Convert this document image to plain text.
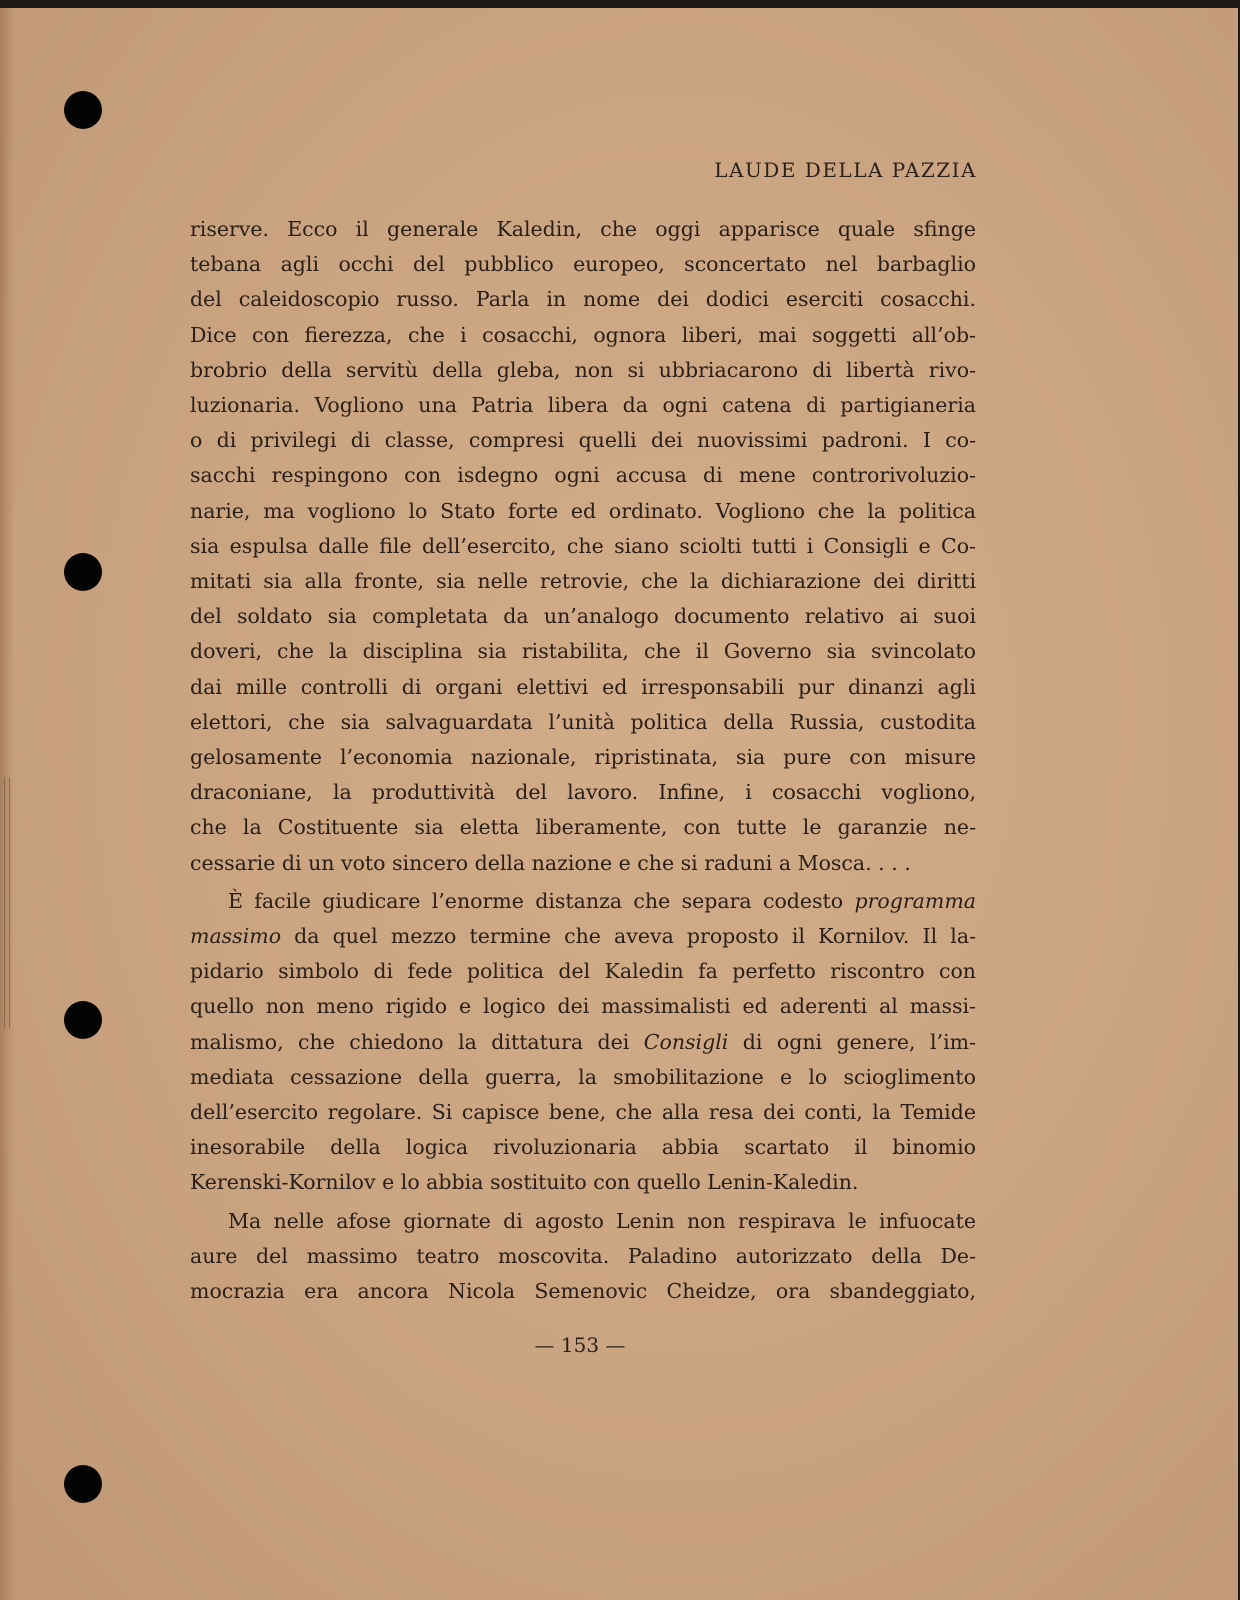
LAUDE DELLA PAZZIA
riserve. Ecco il generale Kaledin, che oggi apparisce quale sfinge
tebana agli occhi del pubblico europeo, sconcertato nel barbaglio
del caleidoscopio russo. Parla in nome dei dodici eserciti cosacchi.
Dice con fierezza, che i cosacchi, ognora liberi, mai soggetti all’ob-
brobrio della servitù della gleba, non si ubbriacarono di libertà rivo-
luzionaria. Vogliono una Patria libera da ogni catena di partigianeria
o di privilegi di classe, compresi quelli dei nuovissimi padroni. I co-
sacchi respingono con isdegno ogni accusa di mene controrivoluzio-
narie, ma vogliono lo Stato forte ed ordinato. Vogliono che la politica
sia espulsa dalle file dell’esercito, che siano sciolti tutti i Consigli e Co-
mitati sia alla fronte, sia nelle retrovie, che la dichiarazione dei diritti
del soldato sia completata da un’analogo documento relativo ai suoi
doveri, che la disciplina sia ristabilita, che il Governo sia svincolato
dai mille controlli di organi elettivi ed irresponsabili pur dinanzi agli
elettori, che sia salvaguardata l’unità politica della Russia, custodita
gelosamente l’economia nazionale, ripristinata, sia pure con misure
draconiane, la produttività del lavoro. Infine, i cosacchi vogliono,
che la Costituente sia eletta liberamente, con tutte le garanzie ne-
cessarie di un voto sincero della nazione e che si raduni a Mosca. . . .
È facile giudicare l’enorme distanza che separa codesto programma
massimo da quel mezzo termine che aveva proposto il Kornilov. Il la-
pidario simbolo di fede politica del Kaledin fa perfetto riscontro con
quello non meno rigido e logico dei massimalisti ed aderenti al massi-
malismo, che chiedono la dittatura dei Consigli di ogni genere, l’im-
mediata cessazione della guerra, la smobilitazione e lo scioglimento
dell’esercito regolare. Si capisce bene, che alla resa dei conti, la Temide
inesorabile della logica rivoluzionaria abbia scartato il binomio
Kerenski-Kornilov e lo abbia sostituito con quello Lenin-Kaledin.
Ma nelle afose giornate di agosto Lenin non respirava le infuocate
aure del massimo teatro moscovita. Paladino autorizzato della De-
mocrazia era ancora Nicola Semenovic Cheidze, ora sbandeggiato,
— 153 —
